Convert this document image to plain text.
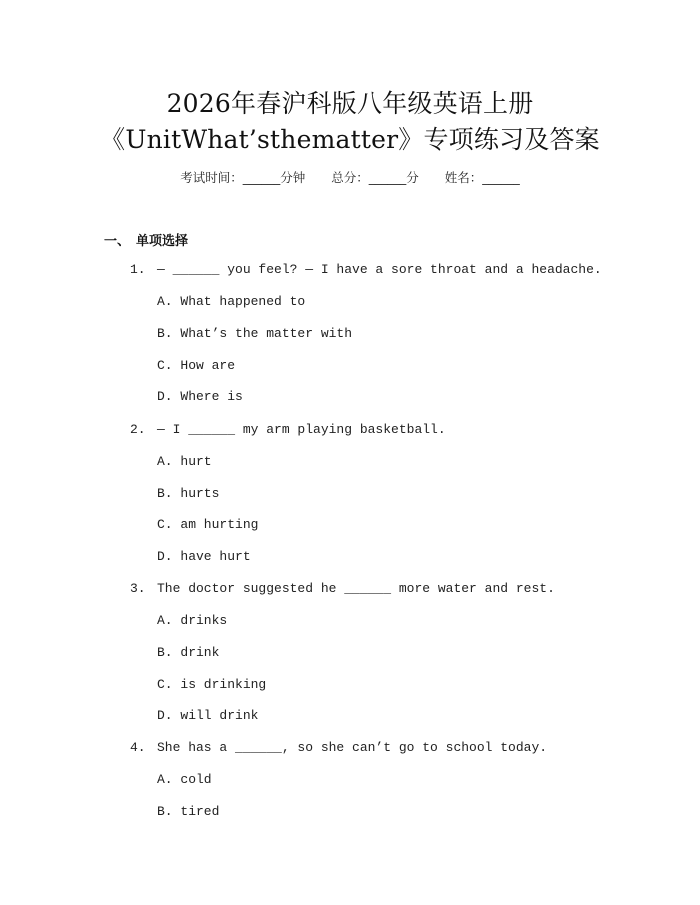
2026年春沪科版八年级英语上册
《UnitWhat’sthematter》专项练习及答案
考试时间：______分钟 总分：______分 姓名：______
一、 单项选择
1. — ______ you feel? — I have a sore throat and a headache.
A. What happened to
B. What’s the matter with
C. How are
D. Where is
2. — I ______ my arm playing basketball.
A. hurt
B. hurts
C. am hurting
D. have hurt
3. The doctor suggested he ______ more water and rest.
A. drinks
B. drink
C. is drinking
D. will drink
4. She has a ______, so she can’t go to school today.
A. cold
B. tired
